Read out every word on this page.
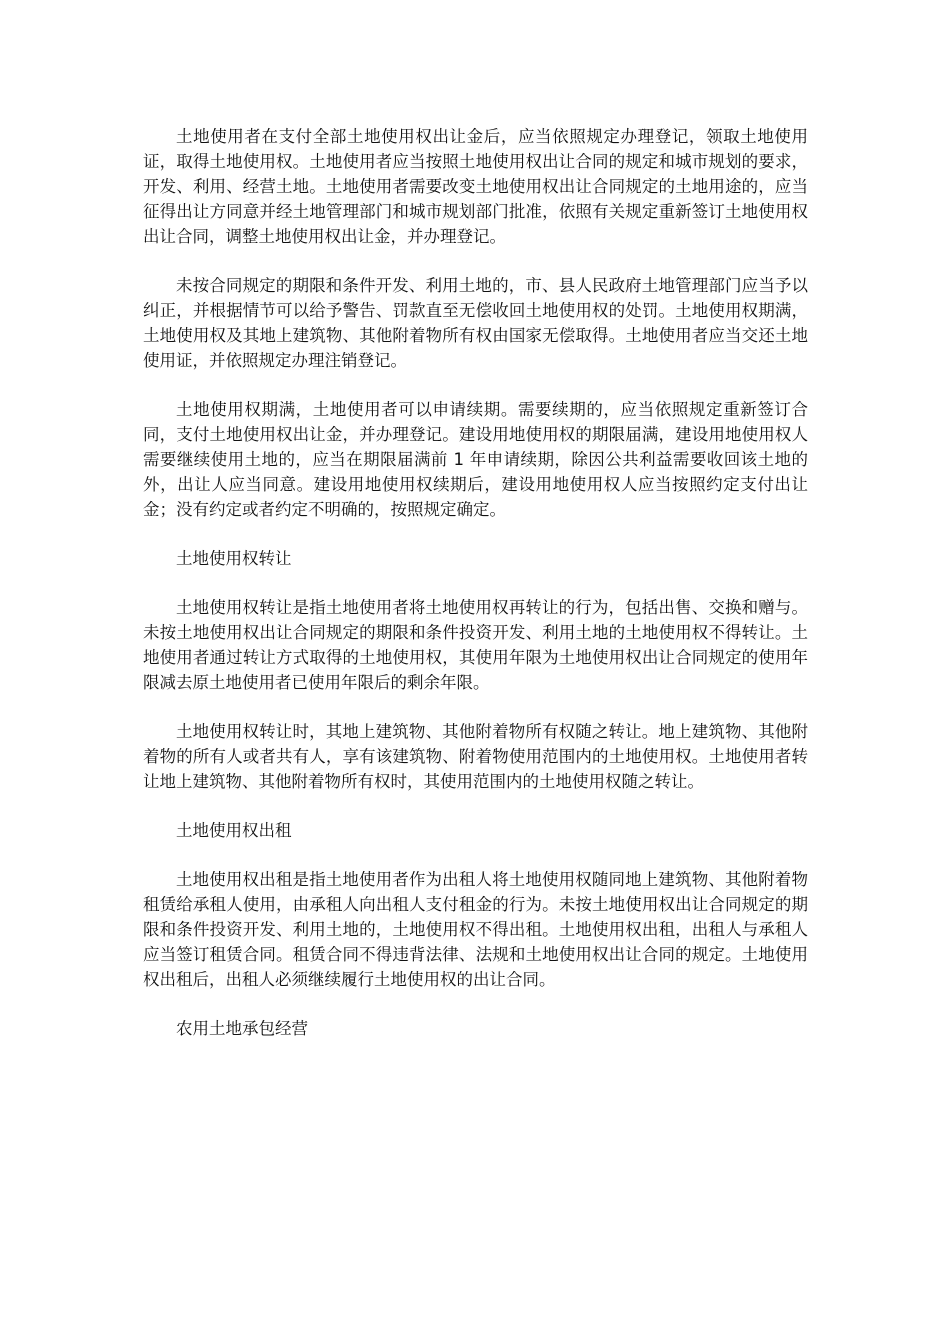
土地使用者在支付全部土地使用权出让金后，应当依照规定办理登记，领取土地使用证，取得土地使用权。土地使用者应当按照土地使用权出让合同的规定和城市规划的要求，开发、利用、经营土地。土地使用者需要改变土地使用权出让合同规定的土地用途的，应当征得出让方同意并经土地管理部门和城市规划部门批准，依照有关规定重新签订土地使用权出让合同，调整土地使用权出让金，并办理登记。

未按合同规定的期限和条件开发、利用土地的，市、县人民政府土地管理部门应当予以纠正，并根据情节可以给予警告、罚款直至无偿收回土地使用权的处罚。土地使用权期满，土地使用权及其地上建筑物、其他附着物所有权由国家无偿取得。土地使用者应当交还土地使用证，并依照规定办理注销登记。

土地使用权期满，土地使用者可以申请续期。需要续期的，应当依照规定重新签订合同，支付土地使用权出让金，并办理登记。建设用地使用权的期限届满，建设用地使用权人需要继续使用土地的，应当在期限届满前 1 年申请续期，除因公共利益需要收回该土地的外，出让人应当同意。建设用地使用权续期后，建设用地使用权人应当按照约定支付出让金；没有约定或者约定不明确的，按照规定确定。

土地使用权转让

土地使用权转让是指土地使用者将土地使用权再转让的行为，包括出售、交换和赠与。未按土地使用权出让合同规定的期限和条件投资开发、利用土地的土地使用权不得转让。土地使用者通过转让方式取得的土地使用权，其使用年限为土地使用权出让合同规定的使用年限减去原土地使用者已使用年限后的剩余年限。

土地使用权转让时，其地上建筑物、其他附着物所有权随之转让。地上建筑物、其他附着物的所有人或者共有人，享有该建筑物、附着物使用范围内的土地使用权。土地使用者转让地上建筑物、其他附着物所有权时，其使用范围内的土地使用权随之转让。

土地使用权出租

土地使用权出租是指土地使用者作为出租人将土地使用权随同地上建筑物、其他附着物租赁给承租人使用，由承租人向出租人支付租金的行为。未按土地使用权出让合同规定的期限和条件投资开发、利用土地的，土地使用权不得出租。土地使用权出租，出租人与承租人应当签订租赁合同。租赁合同不得违背法律、法规和土地使用权出让合同的规定。土地使用权出租后，出租人必须继续履行土地使用权的出让合同。

农用土地承包经营
